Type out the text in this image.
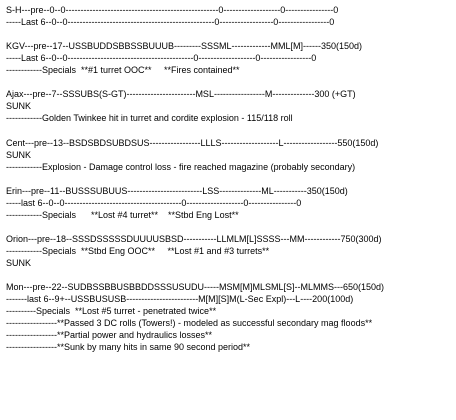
S-H---pre--0--0---------------------------------------------------0-------------------0----------------0
-----Last 6--0--0-------------------------------------------------0------------------0-----------------0
KGV---pre--17--USSBUDDSBBSSBUUUB---------SSSML-------------MML[M]------350(150d)
-----Last 6--0--0------------------------------------------0-------------------0-----------------0
------------Specials  **#1 turret OOC**     **Fires contained**
Ajax---pre--7--SSSUBS(S-GT)-----------------------MSL-----------------M--------------300 (+GT)
SUNK
------------Golden Twinkee hit in turret and cordite explosion - 115/118 roll
Cent---pre--13--BSDSBDSUBDSUS-----------------LLLS-------------------L------------------550(150d)
SUNK
------------Explosion - Damage control loss - fire reached magazine (probably secondary)
Erin---pre--11--BUSSSUBUUS-------------------------LSS--------------ML-----------350(150d)
-----last 6--0--0---------------------------------------0-------------------0----------------0
------------Specials      **Lost #4 turret**    **Stbd Eng Lost**
Orion---pre--18--SSSDSSSSSDUUUUSBSD-----------LLMLM[L]SSSS---MM------------750(300d)
------------Specials  **Stbd Eng OOC**     **Lost #1 and #3 turrets**
SUNK
Mon---pre--22--SUDBSSBBUSBBDDSSSUSUDU-----MSM[M]MLSML[S]--MLMMS---650(150d)
-------last 6--9+--USSBUSUSB------------------------M[M][S]M(L-Sec Expl)---L----200(100d)
----------Specials  **Lost #5 turret - penetrated twice**
-----------------**Passed 3 DC rolls (Towers!) - modeled as successful secondary mag floods**
-----------------**Partial power and hydraulics losses**
-----------------**Sunk by many hits in same 90 second period**
